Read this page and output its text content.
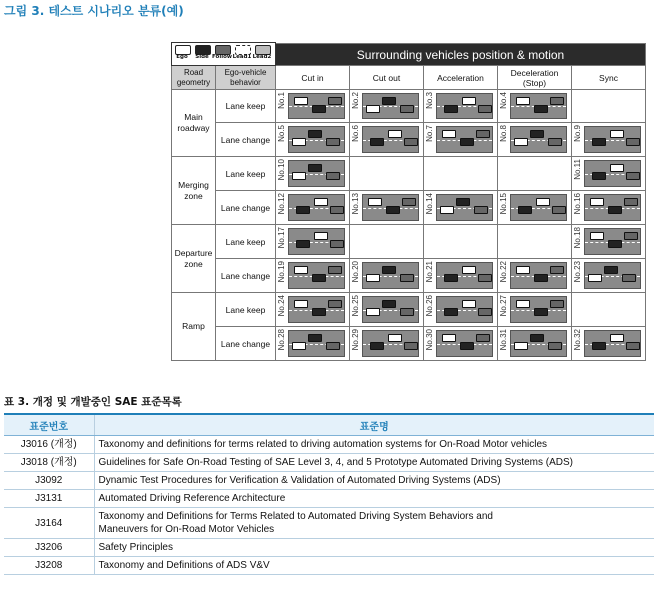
그림 3. 테스트 시나리오 분류(예)
		Surrounding vehicles position & motion				
Road geometry	Ego-vehicle behavior	Cut in	Cut out	Acceleration	Deceleration (Stop)	Sync
Main roadway	Lane keep	No.1	No.2	No.3	No.4	

	Lane change	No.5	No.6	No.7	No.8	No.9

Merging zone	Lane keep	No.10				No.11

	Lane change	No.12	No.13	No.14	No.15	No.16

Departure zone	Lane keep	No.17				No.18

	Lane change	No.19	No.20	No.21	No.22	No.23

Ramp	Lane keep	No.24	No.25	No.26	No.27	

	Lane change	No.28	No.29	No.30	No.31	No.32
Ego	Side Follow Lead1 Lead2
표 3. 개정 및 개발중인 SAE 표준목록
표준번호	표준명
J3016 (개정)	Taxonomy and definitions for terms related to driving automation systems for On-Road Motor vehicles
J3018 (개정)	Guidelines for Safe On-Road Testing of SAE Level 3, 4, and 5 Prototype Automated Driving Systems (ADS)
J3092	Dynamic Test Procedures for Verification & Validation of Automated Driving Systems (ADS)
J3131	Automated Driving Reference Architecture
J3164	Taxonomy and Definitions for Terms Related to Automated Driving System Behaviors and Maneuvers for On-Road Motor Vehicles
J3206	Safety Principles
J3208	Taxonomy and Definitions of ADS V&V
